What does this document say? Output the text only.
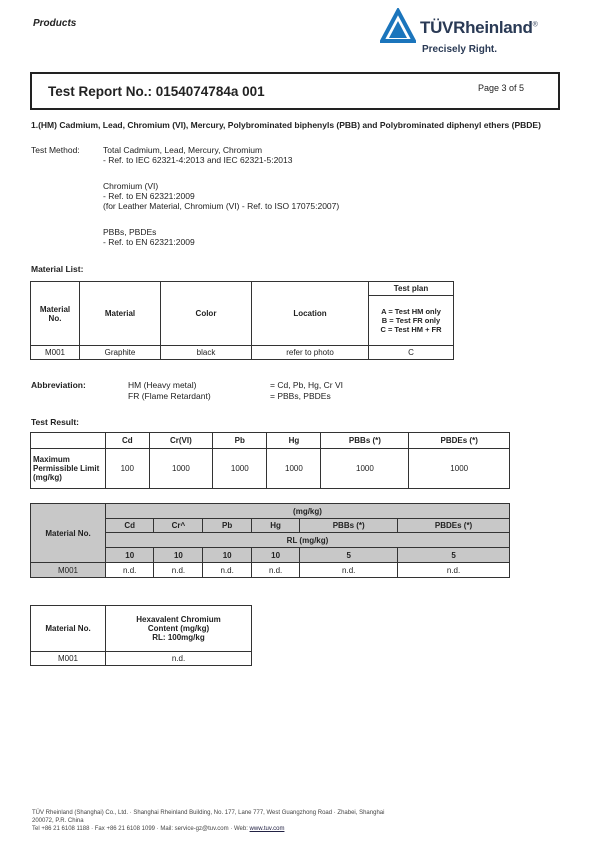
Products	TÜVRheinland®
Precisely Right.
Test Report No.: 0154074784a 001	Page 3 of 5
1.(HM) Cadmium, Lead, Chromium (VI), Mercury, Polybrominated biphenyls (PBB) and Polybrominated diphenyl ethers (PBDE)
Test Method:	Total Cadmium, Lead, Mercury, Chromium
- Ref. to IEC 62321-4:2013 and IEC 62321-5:2013
Chromium (VI)
- Ref. to EN 62321:2009
(for Leather Material, Chromium (VI) - Ref. to ISO 17075:2007)
PBBs, PBDEs
- Ref. to EN 62321:2009
Material List:
Material No.	Material	Color	Location	Test plan

				A = Test HM only
B = Test FR only
C = Test HM + FR

M001	Graphite	black	refer to photo	C
Abbreviation:	HM (Heavy metal)	= Cd, Pb, Hg, Cr VI
FR (Flame Retardant)	= PBBs, PBDEs
Test Result:
	Cd	Cr(VI)	Pb	Hg	PBBs (*)	PBDEs (*)
Maximum Permissible Limit (mg/kg)	100	1000	1000	1000	1000	1000
Material No.	(mg/kg)					
	Cd	Cr^	Pb	Hg	PBBs (*)	PBDEs (*)
	RL (mg/kg)					
	10	10	10	10	5	5
M001	n.d.	n.d.	n.d.	n.d.	n.d.	n.d.
Material No.	Hexavalent Chromium
Content (mg/kg)
RL: 100mg/kg

M001	n.d.
TÜV Rheinland (Shanghai) Co., Ltd. · Shanghai Rheinland Building, No. 177, Lane 777, West Guangzhong Road · Zhabei, Shanghai
200072, P.R. China
Tel +86 21 6108 1188 · Fax +86 21 6108 1099 · Mail: service-gz@tuv.com · Web: www.tuv.com
